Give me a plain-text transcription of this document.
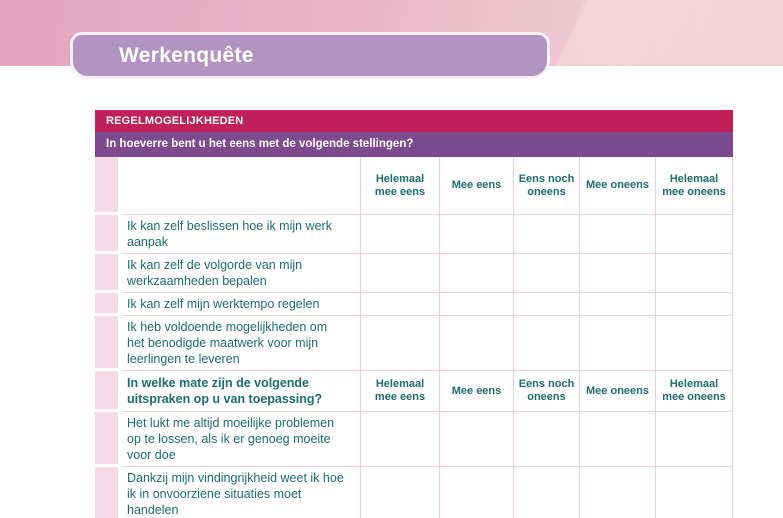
Werkenquête
REGELMOGELIJKHEDEN
In hoeverre bent u het eens met de volgende stellingen?
Helemaal mee eens
Mee eens
Eens noch oneens
Mee oneens
Helemaal mee oneens
Ik kan zelf beslissen hoe ik mijn werk aanpak
Ik kan zelf de volgorde van mijn werkzaamheden bepalen
Ik kan zelf mijn werktempo regelen
Ik heb voldoende mogelijkheden om het benodigde maatwerk voor mijn leerlingen te leveren
In welke mate zijn de volgende uitspraken op u van toepassing?
Helemaal mee eens
Mee eens
Eens noch oneens
Mee oneens
Helemaal mee oneens
Het lukt me altijd moeilijke problemen op te lossen, als ik er genoeg moeite voor doe
Dankzij mijn vindingrijkheid weet ik hoe ik in onvoorziene situaties moet handelen
